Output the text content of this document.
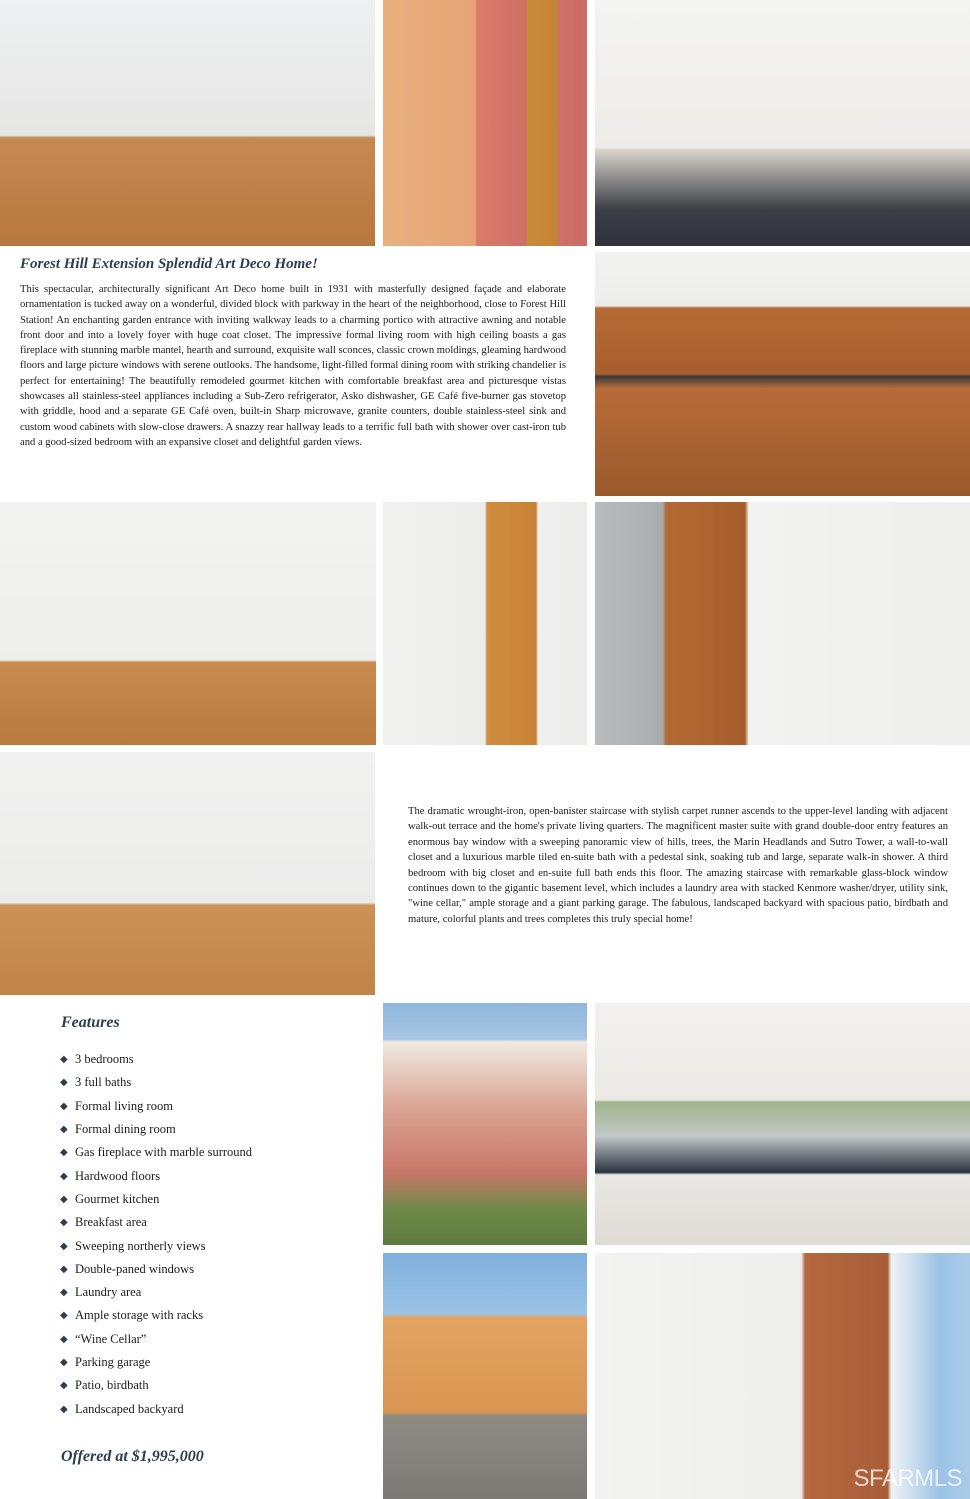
SFARMLS
Forest Hill Extension Splendid Art Deco Home!

This spectacular, architecturally significant Art Deco home built in 1931 with masterfully designed façade and elaborate ornamentation is tucked away on a wonderful, divided block with parkway in the heart of the neighborhood, close to Forest Hill Station! An enchanting garden entrance with inviting walkway leads to a charming portico with attractive awning and notable front door and into a lovely foyer with huge coat closet. The impressive formal living room with high ceiling boasts a gas fireplace with stunning marble mantel, hearth and surround, exquisite wall sconces, classic crown moldings, gleaming hardwood floors and large picture windows with serene outlooks. The handsome, light-filled formal dining room with striking chandelier is perfect for entertaining! The beautifully remodeled gourmet kitchen with comfortable breakfast area and picturesque vistas showcases all stainless-steel appliances including a Sub-Zero refrigerator, Asko dishwasher, GE Café five-burner gas stovetop with griddle, hood and a separate GE Café oven, built-in Sharp microwave, granite counters, double stainless-steel sink and custom wood cabinets with slow-close drawers. A snazzy rear hallway leads to a terrific full bath with shower over cast-iron tub and a good-sized bedroom with an expansive closet and delightful garden views.

The dramatic wrought-iron, open-banister staircase with stylish carpet runner ascends to the upper-level landing with adjacent walk-out terrace and the home's private living quarters. The magnificent master suite with grand double-door entry features an enormous bay window with a sweeping panoramic view of hills, trees, the Marin Headlands and Sutro Tower, a wall-to-wall closet and a luxurious marble tiled en-suite bath with a pedestal sink, soaking tub and large, separate walk-in shower. A third bedroom with big closet and en-suite full bath ends this floor. The amazing staircase with remarkable glass-block window continues down to the gigantic basement level, which includes a laundry area with stacked Kenmore washer/dryer, utility sink, "wine cellar," ample storage and a giant parking garage. The fabulous, landscaped backyard with spacious patio, birdbath and mature, colorful plants and trees completes this truly special home!

Features
◆ 3 bedrooms
◆ 3 full baths
◆ Formal living room
◆ Formal dining room
◆ Gas fireplace with marble surround
◆ Hardwood floors
◆ Gourmet kitchen
◆ Breakfast area
◆ Sweeping northerly views
◆ Double-paned windows
◆ Laundry area
◆ Ample storage with racks
◆ “Wine Cellar”
◆ Parking garage
◆ Patio, birdbath
◆ Landscaped backyard

Offered at $1,995,000
